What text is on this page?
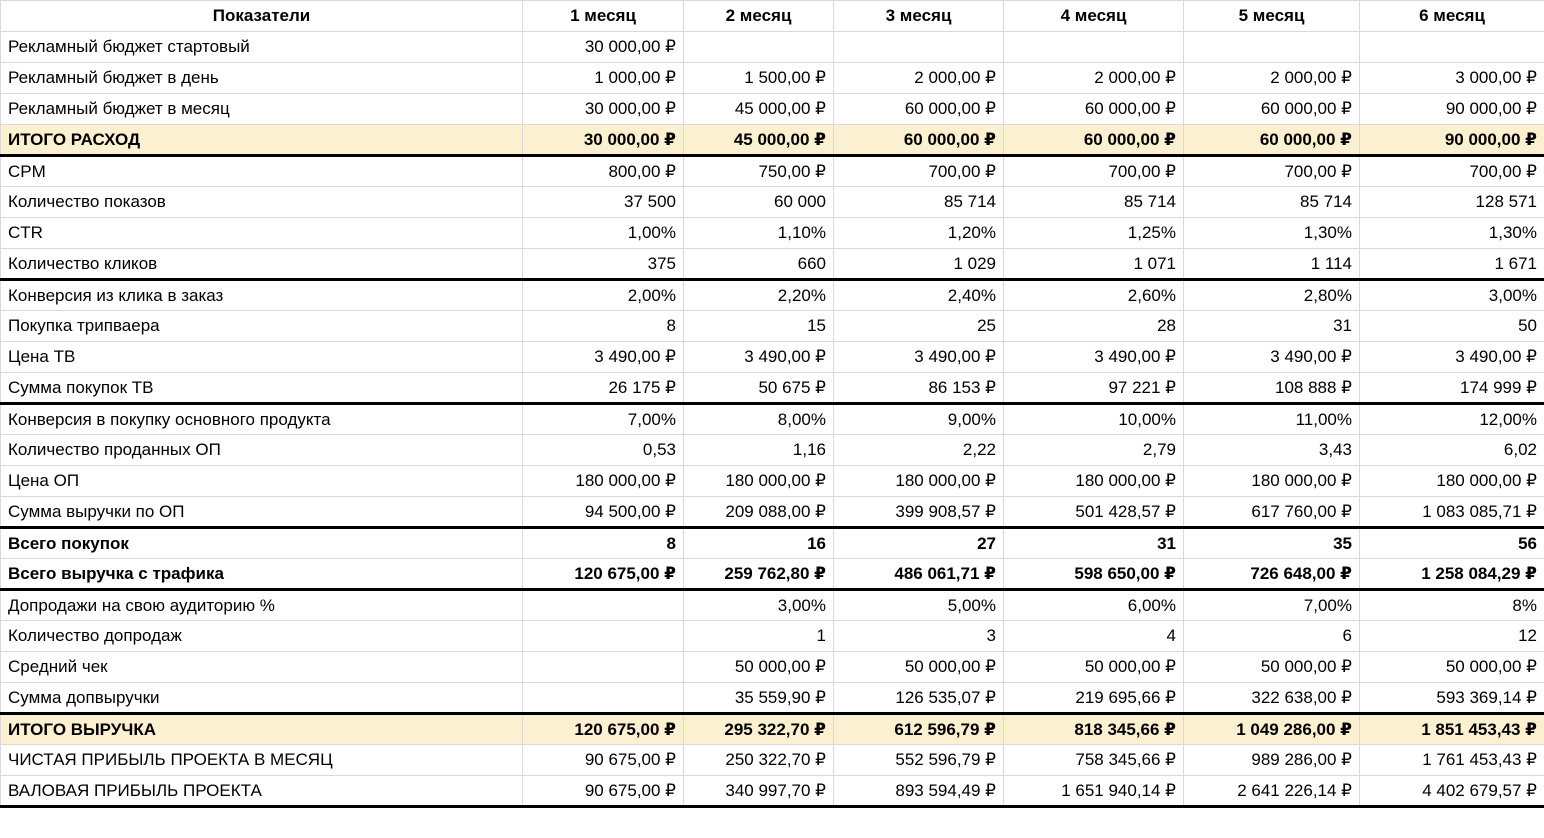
Показатели	1 месяц	2 месяц	3 месяц	4 месяц	5 месяц	6 месяц
Рекламный бюджет стартовый	30 000,00 ₽					
Рекламный бюджет в день	1 000,00 ₽	1 500,00 ₽	2 000,00 ₽	2 000,00 ₽	2 000,00 ₽	3 000,00 ₽
Рекламный бюджет в месяц	30 000,00 ₽	45 000,00 ₽	60 000,00 ₽	60 000,00 ₽	60 000,00 ₽	90 000,00 ₽
ИТОГО РАСХОД	30 000,00 ₽	45 000,00 ₽	60 000,00 ₽	60 000,00 ₽	60 000,00 ₽	90 000,00 ₽
CPM	800,00 ₽	750,00 ₽	700,00 ₽	700,00 ₽	700,00 ₽	700,00 ₽
Количество показов	37 500	60 000	85 714	85 714	85 714	128 571
CTR	1,00%	1,10%	1,20%	1,25%	1,30%	1,30%
Количество кликов	375	660	1 029	1 071	1 114	1 671
Конверсия из клика в заказ	2,00%	2,20%	2,40%	2,60%	2,80%	3,00%
Покупка трипваера	8	15	25	28	31	50
Цена ТВ	3 490,00 ₽	3 490,00 ₽	3 490,00 ₽	3 490,00 ₽	3 490,00 ₽	3 490,00 ₽
Сумма покупок ТВ	26 175 ₽	50 675 ₽	86 153 ₽	97 221 ₽	108 888 ₽	174 999 ₽
Конверсия в покупку основного продукта	7,00%	8,00%	9,00%	10,00%	11,00%	12,00%
Количество проданных ОП	0,53	1,16	2,22	2,79	3,43	6,02
Цена ОП	180 000,00 ₽	180 000,00 ₽	180 000,00 ₽	180 000,00 ₽	180 000,00 ₽	180 000,00 ₽
Сумма выручки по ОП	94 500,00 ₽	209 088,00 ₽	399 908,57 ₽	501 428,57 ₽	617 760,00 ₽	1 083 085,71 ₽
Всего покупок	8	16	27	31	35	56
Всего выручка с трафика	120 675,00 ₽	259 762,80 ₽	486 061,71 ₽	598 650,00 ₽	726 648,00 ₽	1 258 084,29 ₽
Допродажи на свою аудиторию %		3,00%	5,00%	6,00%	7,00%	8%
Количество допродаж		1	3	4	6	12
Средний чек		50 000,00 ₽	50 000,00 ₽	50 000,00 ₽	50 000,00 ₽	50 000,00 ₽
Сумма допвыручки		35 559,90 ₽	126 535,07 ₽	219 695,66 ₽	322 638,00 ₽	593 369,14 ₽
ИТОГО ВЫРУЧКА	120 675,00 ₽	295 322,70 ₽	612 596,79 ₽	818 345,66 ₽	1 049 286,00 ₽	1 851 453,43 ₽
ЧИСТАЯ ПРИБЫЛЬ ПРОЕКТА В МЕСЯЦ	90 675,00 ₽	250 322,70 ₽	552 596,79 ₽	758 345,66 ₽	989 286,00 ₽	1 761 453,43 ₽
ВАЛОВАЯ ПРИБЫЛЬ ПРОЕКТА	90 675,00 ₽	340 997,70 ₽	893 594,49 ₽	1 651 940,14 ₽	2 641 226,14 ₽	4 402 679,57 ₽
